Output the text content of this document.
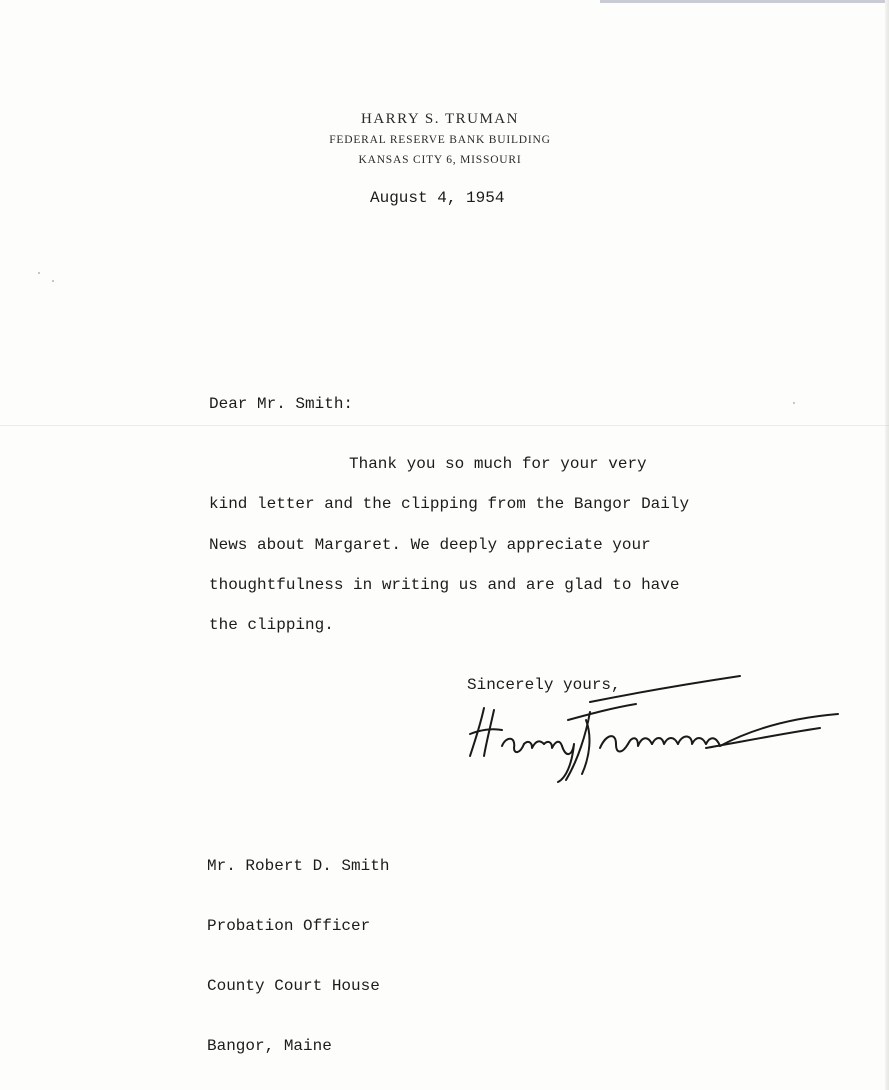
HARRY S. TRUMAN
FEDERAL RESERVE BANK BUILDING
KANSAS CITY 6, MISSOURI
August 4, 1954
Dear Mr. Smith:
Thank you so much for your very
kind letter and the clipping from the Bangor Daily
News about Margaret. We deeply appreciate your
thoughtfulness in writing us and are glad to have
the clipping.
Sincerely yours,

Mr. Robert D. Smith

Probation Officer

County Court House

Bangor, Maine
